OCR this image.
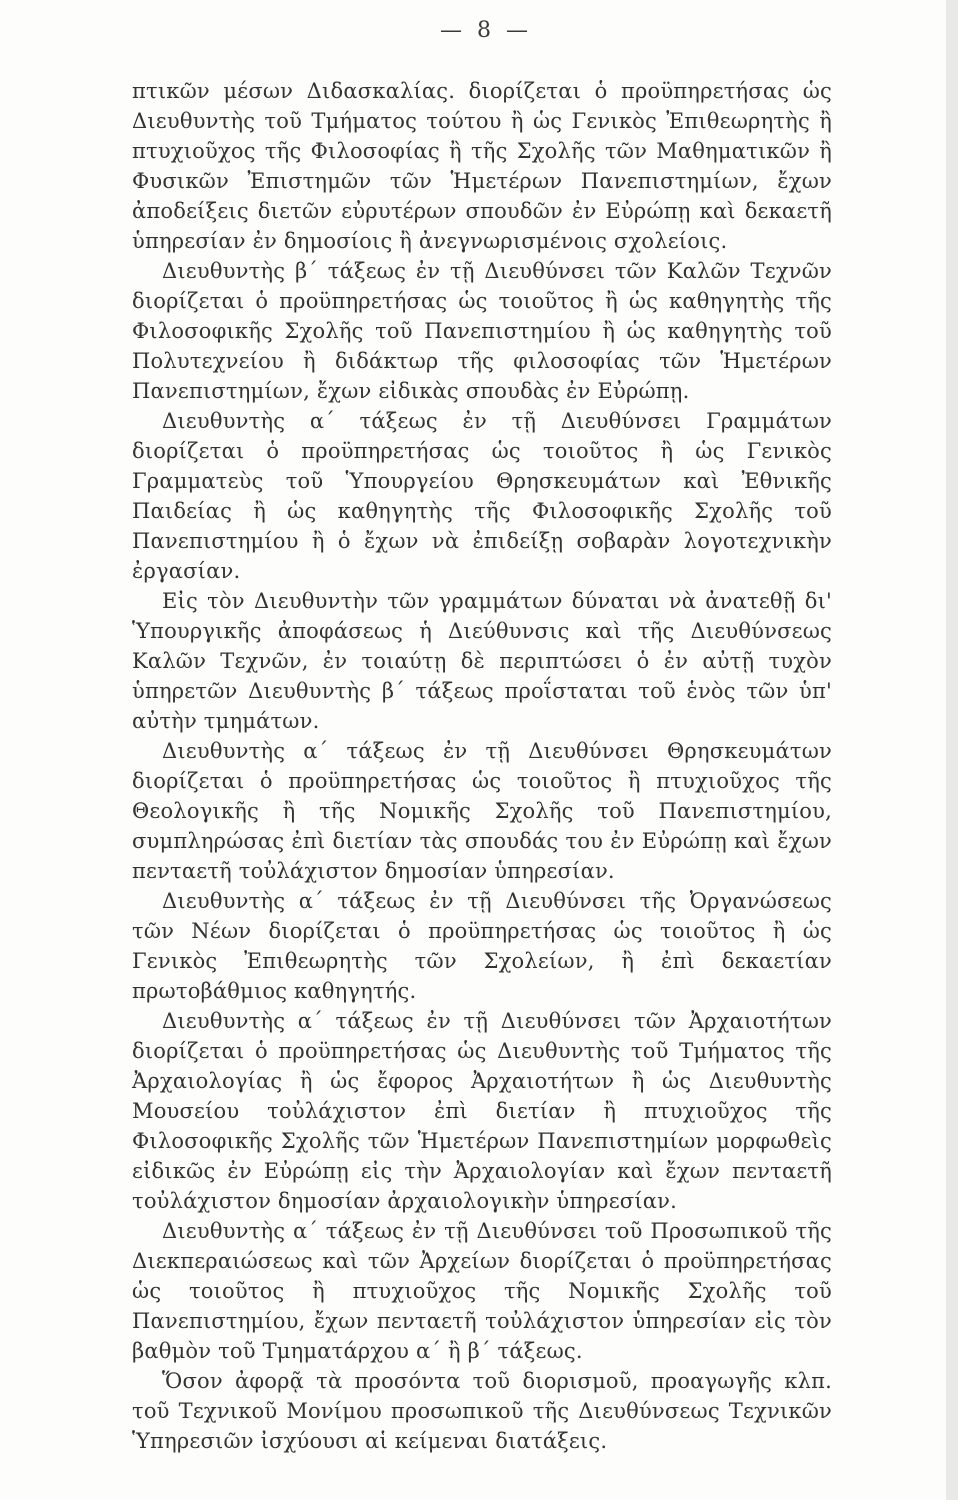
— 8 —

πτικῶν μέσων Διδασκαλίας. διορίζεται ὁ προϋπηρετήσας ὡς Διευθυντὴς τοῦ Τμήματος τούτου ἢ ὡς Γενικὸς Ἐπιθεωρητὴς ἢ πτυχιοῦχος τῆς Φιλοσοφίας ἢ τῆς Σχολῆς τῶν Μαθηματικῶν ἢ Φυσικῶν Ἐπιστημῶν τῶν Ἡμετέρων Πανεπιστημίων, ἔχων ἀποδείξεις διετῶν εὐρυτέρων σπουδῶν ἐν Εὐρώπῃ καὶ δεκαετῆ ὑπηρεσίαν ἐν δημοσίοις ἢ ἀνεγνωρισμένοις σχολείοις.

Διευθυντὴς β΄ τάξεως ἐν τῇ Διευθύνσει τῶν Καλῶν Τεχνῶν διορίζεται ὁ προϋπηρετήσας ὡς τοιοῦτος ἢ ὡς καθηγητὴς τῆς Φιλοσοφικῆς Σχολῆς τοῦ Πανεπιστημίου ἢ ὡς καθηγητὴς τοῦ Πολυτεχνείου ἢ διδάκτωρ τῆς φιλοσοφίας τῶν Ἡμετέρων Πανεπιστημίων, ἔχων εἰδικὰς σπουδὰς ἐν Εὐρώπῃ.

Διευθυντὴς α΄ τάξεως ἐν τῇ Διευθύνσει Γραμμάτων διορίζεται ὁ προϋπηρετήσας ὡς τοιοῦτος ἢ ὡς Γενικὸς Γραμματεὺς τοῦ Ὑπουργείου Θρησκευμάτων καὶ Ἐθνικῆς Παιδείας ἢ ὡς καθηγητὴς τῆς Φιλοσοφικῆς Σχολῆς τοῦ Πανεπιστημίου ἢ ὁ ἔχων νὰ ἐπιδείξῃ σοβαρὰν λογοτεχνικὴν ἐργασίαν.

Εἰς τὸν Διευθυντὴν τῶν γραμμάτων δύναται νὰ ἀνατεθῇ δι' Ὑπουργικῆς ἀποφάσεως ἡ Διεύθυνσις καὶ τῆς Διευθύνσεως Καλῶν Τεχνῶν, ἐν τοιαύτῃ δὲ περιπτώσει ὁ ἐν αὐτῇ τυχὸν ὑπηρετῶν Διευθυντὴς β΄ τάξεως προΐσταται τοῦ ἑνὸς τῶν ὑπ' αὐτὴν τμημάτων.

Διευθυντὴς α΄ τάξεως ἐν τῇ Διευθύνσει Θρησκευμάτων διορίζεται ὁ προϋπηρετήσας ὡς τοιοῦτος ἢ πτυχιοῦχος τῆς Θεολογικῆς ἢ τῆς Νομικῆς Σχολῆς τοῦ Πανεπιστημίου, συμπληρώσας ἐπὶ διετίαν τὰς σπουδάς του ἐν Εὐρώπῃ καὶ ἔχων πενταετῆ τοὐλάχιστον δημοσίαν ὑπηρεσίαν.

Διευθυντὴς α΄ τάξεως ἐν τῇ Διευθύνσει τῆς Ὀργανώσεως τῶν Νέων διορίζεται ὁ προϋπηρετήσας ὡς τοιοῦτος ἢ ὡς Γενικὸς Ἐπιθεωρητὴς τῶν Σχολείων, ἢ ἐπὶ δεκαετίαν πρωτοβάθμιος καθηγητής.

Διευθυντὴς α΄ τάξεως ἐν τῇ Διευθύνσει τῶν Ἀρχαιοτήτων διορίζεται ὁ προϋπηρετήσας ὡς Διευθυντὴς τοῦ Τμήματος τῆς Ἀρχαιολογίας ἢ ὡς ἔφορος Ἀρχαιοτήτων ἢ ὡς Διευθυντὴς Μουσείου τοὐλάχιστον ἐπὶ διετίαν ἢ πτυχιοῦχος τῆς Φιλοσοφικῆς Σχολῆς τῶν Ἡμετέρων Πανεπιστημίων μορφωθεὶς εἰδικῶς ἐν Εὐρώπῃ εἰς τὴν Ἀρχαιολογίαν καὶ ἔχων πενταετῆ τοὐλάχιστον δημοσίαν ἀρχαιολογικὴν ὑπηρεσίαν.

Διευθυντὴς α΄ τάξεως ἐν τῇ Διευθύνσει τοῦ Προσωπικοῦ τῆς Διεκπεραιώσεως καὶ τῶν Ἀρχείων διορίζεται ὁ προϋπηρετήσας ὡς τοιοῦτος ἢ πτυχιοῦχος τῆς Νομικῆς Σχολῆς τοῦ Πανεπιστημίου, ἔχων πενταετῆ τοὐλάχιστον ὑπηρεσίαν εἰς τὸν βαθμὸν τοῦ Τμηματάρχου α΄ ἢ β΄ τάξεως.

Ὅσον ἀφορᾷ τὰ προσόντα τοῦ διορισμοῦ, προαγωγῆς κλπ. τοῦ Τεχνικοῦ Μονίμου προσωπικοῦ τῆς Διευθύνσεως Τεχνικῶν Ὑπηρεσιῶν ἰσχύουσι αἱ κείμεναι διατάξεις.
